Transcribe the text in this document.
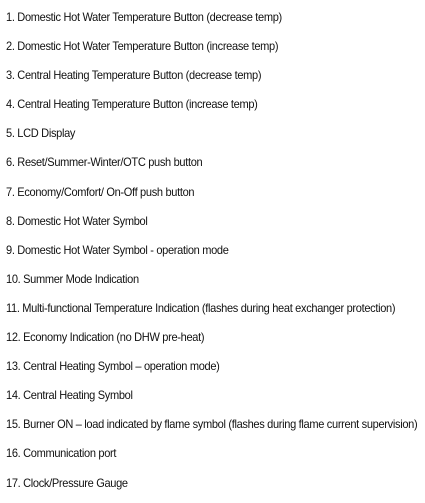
1. Domestic Hot Water Temperature Button (decrease temp)
2. Domestic Hot Water Temperature Button (increase temp)
3. Central Heating Temperature Button (decrease temp)
4. Central Heating Temperature Button (increase temp)
5. LCD Display
6. Reset/Summer-Winter/OTC push button
7. Economy/Comfort/ On-Off push button
8. Domestic Hot Water Symbol
9. Domestic Hot Water Symbol - operation mode
10. Summer Mode Indication
11. Multi-functional Temperature Indication (flashes during heat exchanger protection)
12. Economy Indication (no DHW pre-heat)
13. Central Heating Symbol – operation mode)
14. Central Heating Symbol
15. Burner ON – load indicated by flame symbol (flashes during flame current supervision)
16. Communication port
17. Clock/Pressure Gauge
